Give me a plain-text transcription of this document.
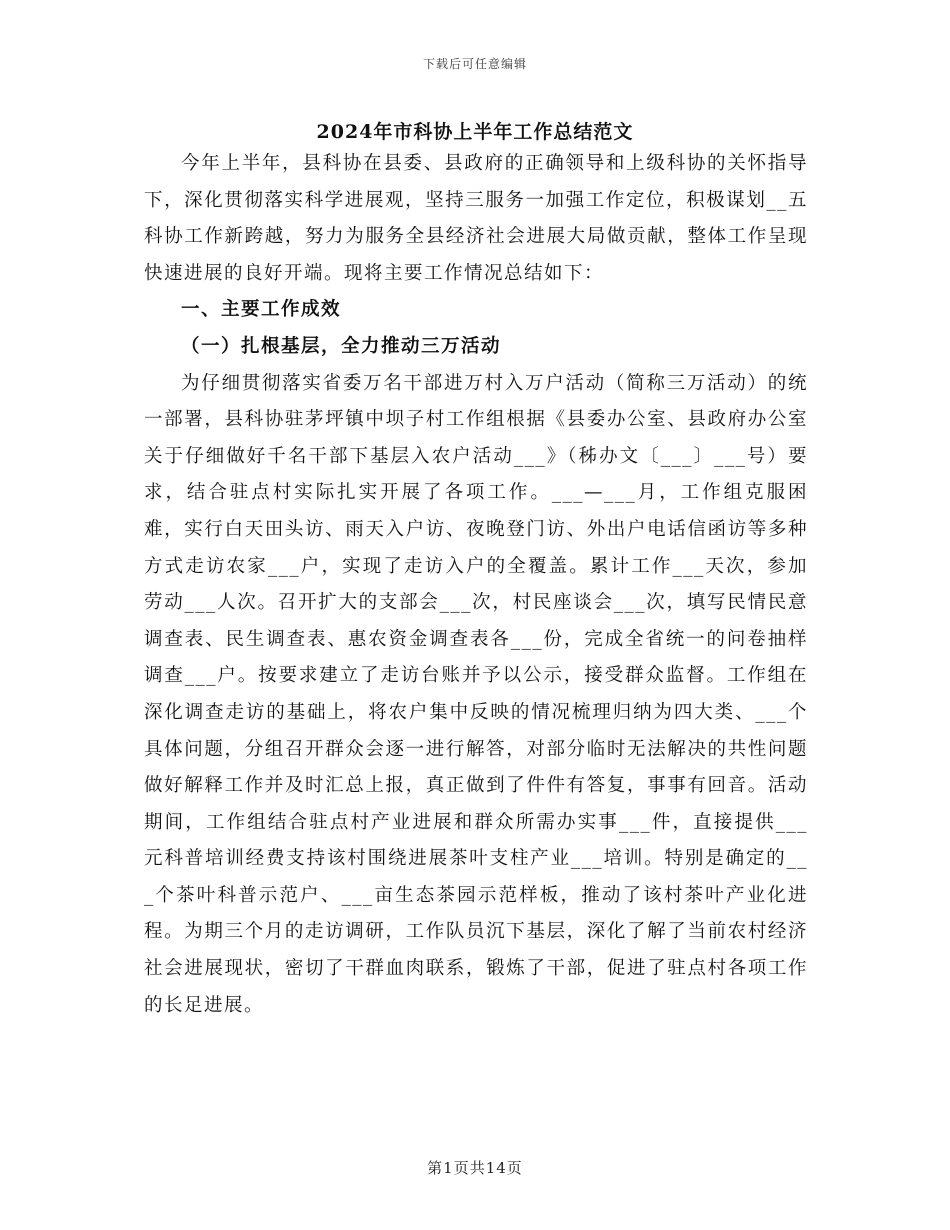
下载后可任意编辑
2024年市科协上半年工作总结范文

今年上半年，县科协在县委、县政府的正确领导和上级科协的关怀指导下，深化贯彻落实科学进展观，坚持三服务一加强工作定位，积极谋划__五科协工作新跨越，努力为服务全县经济社会进展大局做贡献，整体工作呈现快速进展的良好开端。现将主要工作情况总结如下：

一、主要工作成效

（一）扎根基层，全力推动三万活动

为仔细贯彻落实省委万名干部进万村入万户活动（简称三万活动）的统一部署，县科协驻茅坪镇中坝子村工作组根据《县委办公室、县政府办公室关于仔细做好千名干部下基层入农户活动___》（秭办文〔___〕___号）要求，结合驻点村实际扎实开展了各项工作。___—___月，工作组克服困难，实行白天田头访、雨天入户访、夜晚登门访、外出户电话信函访等多种方式走访农家___户，实现了走访入户的全覆盖。累计工作___天次，参加劳动___人次。召开扩大的支部会___次，村民座谈会___次，填写民情民意调查表、民生调查表、惠农资金调查表各___份，完成全省统一的问卷抽样调查___户。按要求建立了走访台账并予以公示，接受群众监督。工作组在深化调查走访的基础上，将农户集中反映的情况梳理归纳为四大类、___个具体问题，分组召开群众会逐一进行解答，对部分临时无法解决的共性问题做好解释工作并及时汇总上报，真正做到了件件有答复，事事有回音。活动期间，工作组结合驻点村产业进展和群众所需办实事___件，直接提供___元科普培训经费支持该村围绕进展茶叶支柱产业___培训。特别是确定的___个茶叶科普示范户、___亩生态茶园示范样板，推动了该村茶叶产业化进程。为期三个月的走访调研，工作队员沉下基层，深化了解了当前农村经济社会进展现状，密切了干群血肉联系，锻炼了干部，促进了驻点村各项工作的长足进展。

第1页共14页
